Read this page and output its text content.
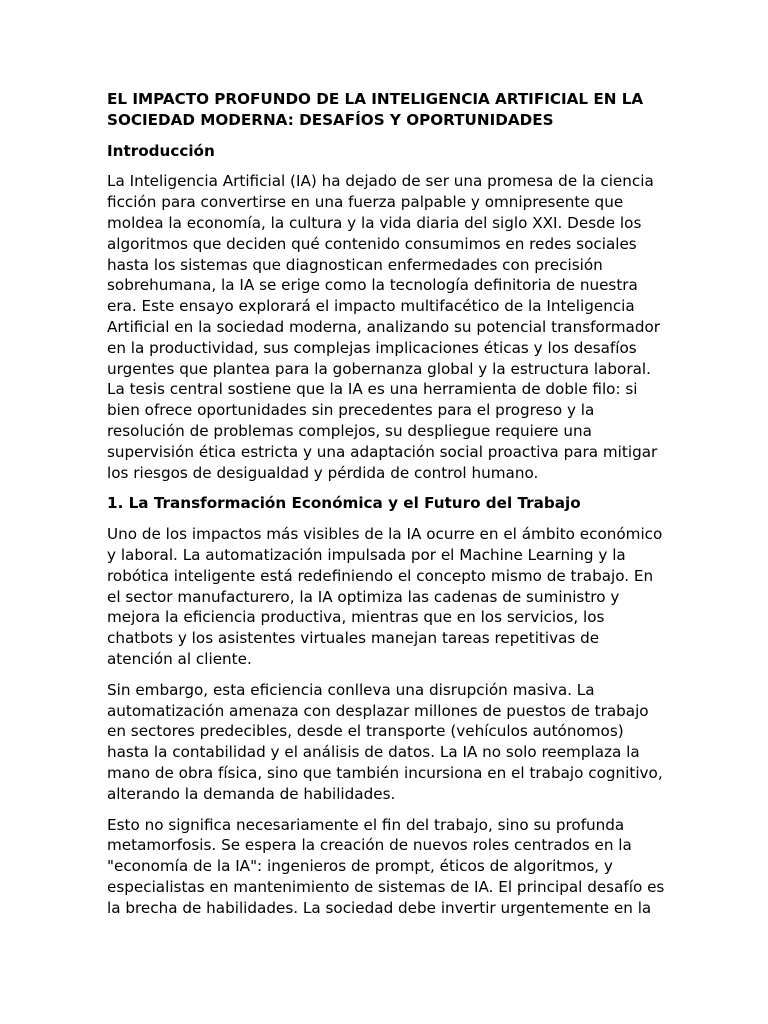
EL IMPACTO PROFUNDO DE LA INTELIGENCIA ARTIFICIAL EN LA SOCIEDAD MODERNA: DESAFÍOS Y OPORTUNIDADES
Introducción
La Inteligencia Artificial (IA) ha dejado de ser una promesa de la ciencia ficción para convertirse en una fuerza palpable y omnipresente que moldea la economía, la cultura y la vida diaria del siglo XXI. Desde los algoritmos que deciden qué contenido consumimos en redes sociales hasta los sistemas que diagnostican enfermedades con precisión sobrehumana, la IA se erige como la tecnología definitoria de nuestra era. Este ensayo explorará el impacto multifacético de la Inteligencia Artificial en la sociedad moderna, analizando su potencial transformador en la productividad, sus complejas implicaciones éticas y los desafíos urgentes que plantea para la gobernanza global y la estructura laboral. La tesis central sostiene que la IA es una herramienta de doble filo: si bien ofrece oportunidades sin precedentes para el progreso y la resolución de problemas complejos, su despliegue requiere una supervisión ética estricta y una adaptación social proactiva para mitigar los riesgos de desigualdad y pérdida de control humano.
1. La Transformación Económica y el Futuro del Trabajo
Uno de los impactos más visibles de la IA ocurre en el ámbito económico y laboral. La automatización impulsada por el Machine Learning y la robótica inteligente está redefiniendo el concepto mismo de trabajo. En el sector manufacturero, la IA optimiza las cadenas de suministro y mejora la eficiencia productiva, mientras que en los servicios, los chatbots y los asistentes virtuales manejan tareas repetitivas de atención al cliente.
Sin embargo, esta eficiencia conlleva una disrupción masiva. La automatización amenaza con desplazar millones de puestos de trabajo en sectores predecibles, desde el transporte (vehículos autónomos) hasta la contabilidad y el análisis de datos. La IA no solo reemplaza la mano de obra física, sino que también incursiona en el trabajo cognitivo, alterando la demanda de habilidades.
Esto no significa necesariamente el fin del trabajo, sino su profunda metamorfosis. Se espera la creación de nuevos roles centrados en la "economía de la IA": ingenieros de prompt, éticos de algoritmos, y especialistas en mantenimiento de sistemas de IA. El principal desafío es la brecha de habilidades. La sociedad debe invertir urgentemente en la
